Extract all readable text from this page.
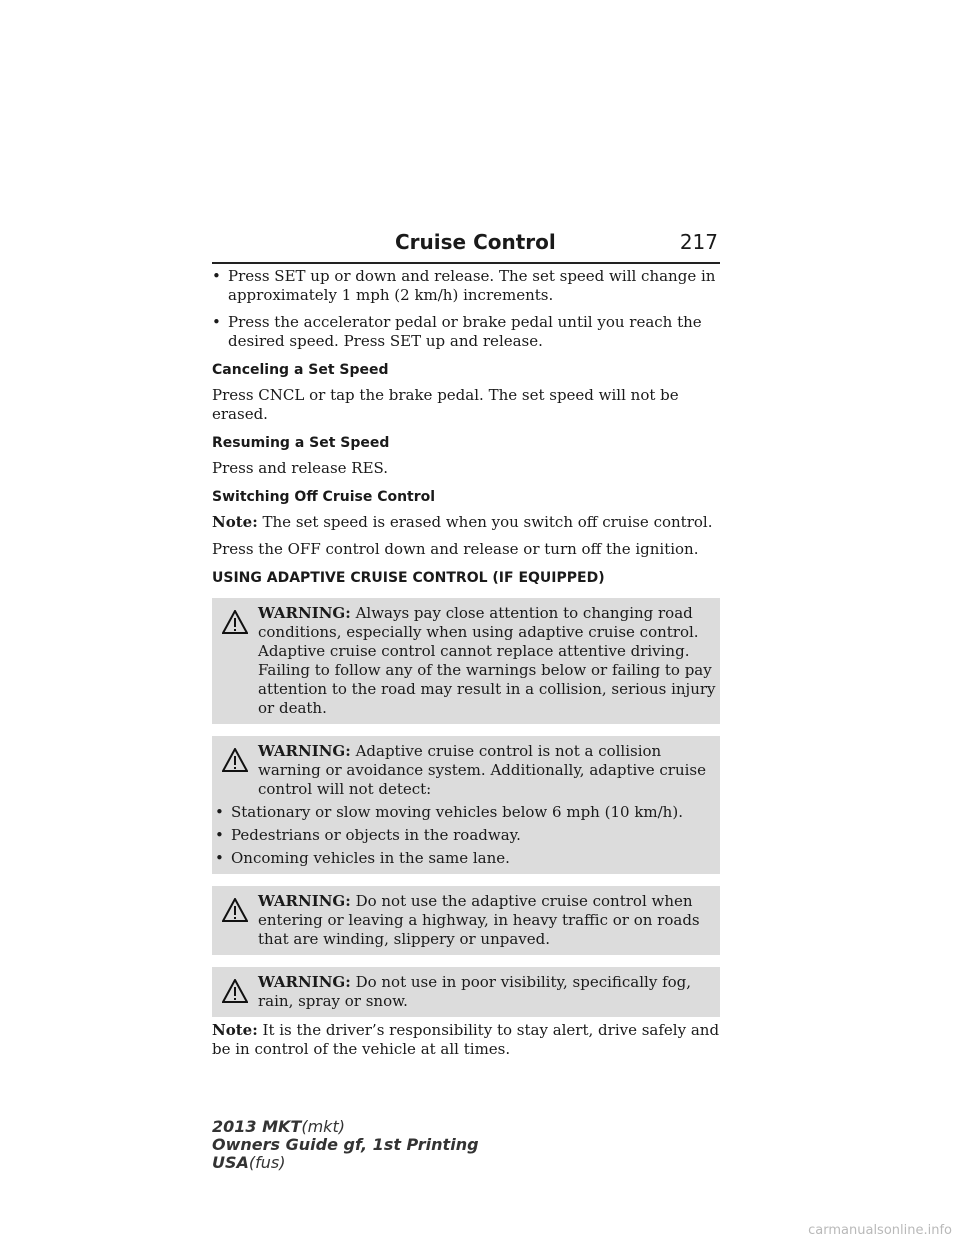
Cruise Control	217
• Press SET up or down and release. The set speed will change in approximately 1 mph (2 km/h) increments.
• Press the accelerator pedal or brake pedal until you reach the desired speed. Press SET up and release.
Canceling a Set Speed

Press CNCL or tap the brake pedal. The set speed will not be erased.

Resuming a Set Speed

Press and release RES.

Switching Off Cruise Control

Note: The set speed is erased when you switch off cruise control.

Press the OFF control down and release or turn off the ignition.

USING ADAPTIVE CRUISE CONTROL (IF EQUIPPED)
WARNING: Always pay close attention to changing road conditions, especially when using adaptive cruise control. Adaptive cruise control cannot replace attentive driving. Failing to follow any of the warnings below or failing to pay attention to the road may result in a collision, serious injury or death.
WARNING: Adaptive cruise control is not a collision warning or avoidance system. Additionally, adaptive cruise control will not detect:
• Stationary or slow moving vehicles below 6 mph (10 km/h).
• Pedestrians or objects in the roadway.
• Oncoming vehicles in the same lane.
WARNING: Do not use the adaptive cruise control when entering or leaving a highway, in heavy traffic or on roads that are winding, slippery or unpaved.
WARNING: Do not use in poor visibility, specifically fog, rain, spray or snow.

Note: It is the driver’s responsibility to stay alert, drive safely and be in control of the vehicle at all times.

2013 MKT(mkt)
Owners Guide gf, 1st Printing
USA(fus)
carmanualsonline.info
